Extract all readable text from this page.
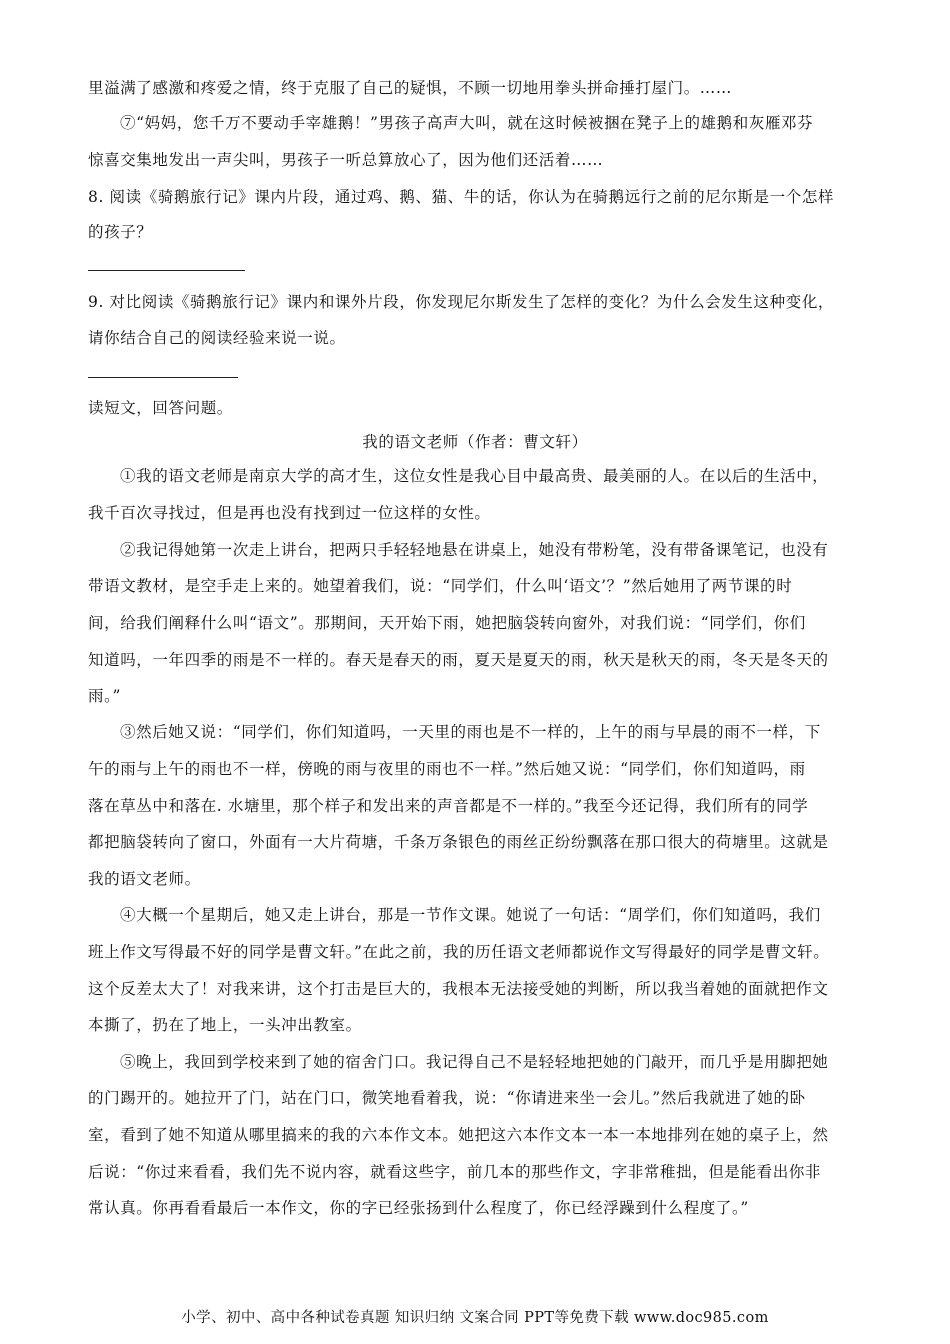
里溢满了感激和疼爱之情，终于克服了自己的疑惧，不顾一切地用拳头拼命捶打屋门。……
⑦“妈妈，您千万不要动手宰雄鹅！”男孩子高声大叫，就在这时候被捆在凳子上的雄鹅和灰雁邓芬
惊喜交集地发出一声尖叫，男孩子一听总算放心了，因为他们还活着……
8. 阅读《骑鹅旅行记》课内片段，通过鸡、鹅、猫、牛的话，你认为在骑鹅远行之前的尼尔斯是一个怎样
的孩子？
9. 对比阅读《骑鹅旅行记》课内和课外片段，你发现尼尔斯发生了怎样的变化？为什么会发生这种变化，
请你结合自己的阅读经验来说一说。
读短文，回答问题。
我的语文老师（作者：曹文轩）
①我的语文老师是南京大学的高才生，这位女性是我心目中最高贵、最美丽的人。在以后的生活中，
我千百次寻找过，但是再也没有找到过一位这样的女性。
②我记得她第一次走上讲台，把两只手轻轻地悬在讲桌上，她没有带粉笔，没有带备课笔记，也没有
带语文教材，是空手走上来的。她望着我们，说：“同学们，什么叫‘语文’？”然后她用了两节课的时
间，给我们阐释什么叫“语文”。那期间，天开始下雨，她把脑袋转向窗外，对我们说：“同学们，你们
知道吗，一年四季的雨是不一样的。春天是春天的雨，夏天是夏天的雨，秋天是秋天的雨，冬天是冬天的
雨。”
③然后她又说：“同学们，你们知道吗，一天里的雨也是不一样的，上午的雨与早晨的雨不一样，下
午的雨与上午的雨也不一样，傍晚的雨与夜里的雨也不一样。”然后她又说：“同学们，你们知道吗，雨
落在草丛中和落在. 水塘里，那个样子和发出来的声音都是不一样的。”我至今还记得，我们所有的同学
都把脑袋转向了窗口，外面有一大片荷塘，千条万条银色的雨丝正纷纷飘落在那口很大的荷塘里。这就是
我的语文老师。
④大概一个星期后，她又走上讲台，那是一节作文课。她说了一句话：“周学们，你们知道吗，我们
班上作文写得最不好的同学是曹文轩。”在此之前，我的历任语文老师都说作文写得最好的同学是曹文轩。
这个反差太大了！对我来讲，这个打击是巨大的，我根本无法接受她的判断，所以我当着她的面就把作文
本撕了，扔在了地上，一头冲出教室。
⑤晚上，我回到学校来到了她的宿舍门口。我记得自己不是轻轻地把她的门敲开，而几乎是用脚把她
的门踢开的。她拉开了门，站在门口，微笑地看着我，说：“你请进来坐一会儿。”然后我就进了她的卧
室，看到了她不知道从哪里搞来的我的六本作文本。她把这六本作文本一本一本地排列在她的桌子上，然
后说：“你过来看看，我们先不说内容，就看这些字，前几本的那些作文，字非常稚拙，但是能看出你非
常认真。你再看看最后一本作文，你的字已经张扬到什么程度了，你已经浮躁到什么程度了。”
小学、初中、高中各种试卷真题 知识归纳 文案合同 PPT等免费下载 www.doc985.com
